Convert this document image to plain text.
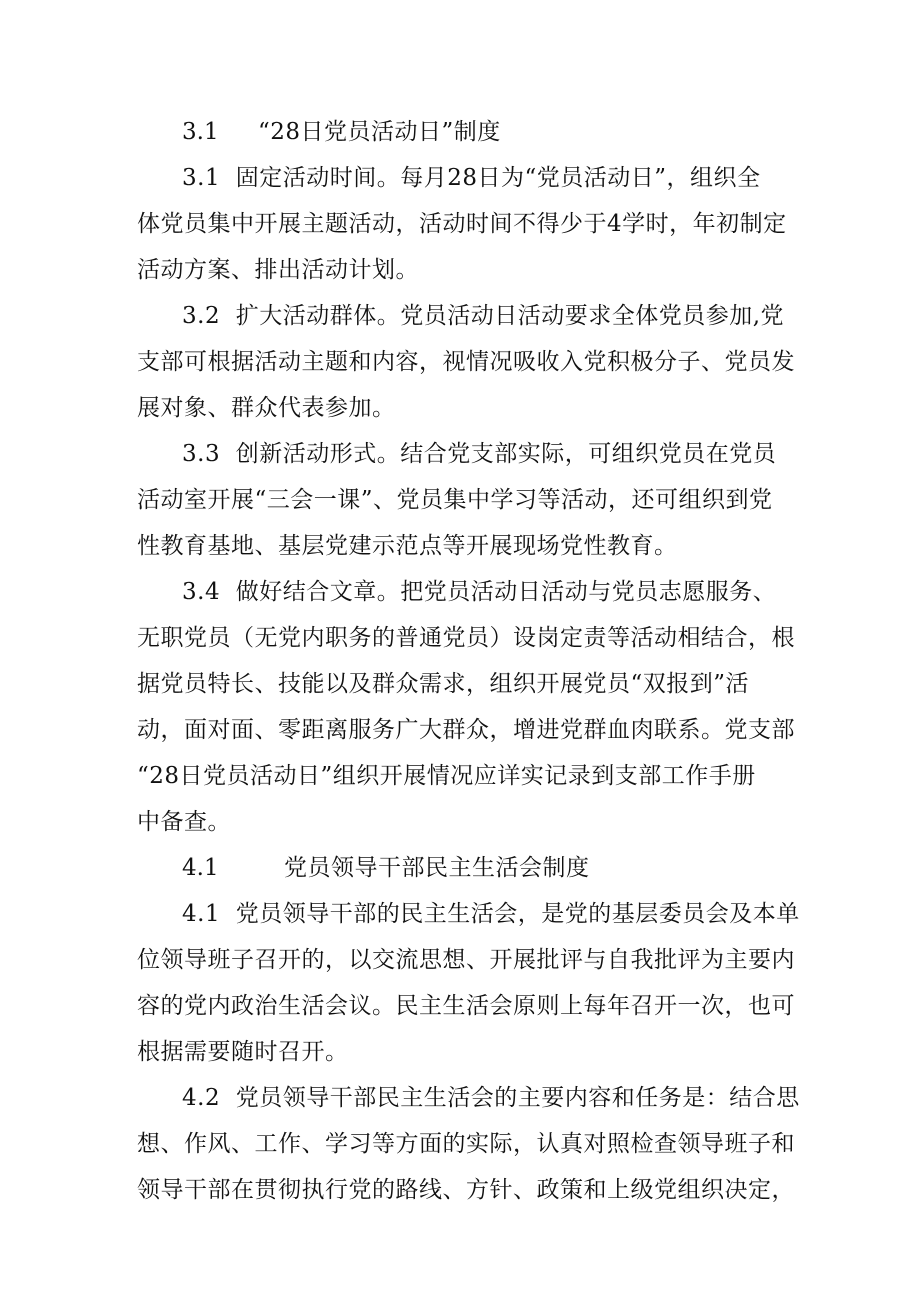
3.1 “28日党员活动日”制度
3.1  固定活动时间。每月28日为“党员活动日”，组织全
体党员集中开展主题活动，活动时间不得少于4学时，年初制定
活动方案、排出活动计划。
3.2  扩大活动群体。党员活动日活动要求全体党员参加,党
支部可根据活动主题和内容，视情况吸收入党积极分子、党员发
展对象、群众代表参加。
3.3  创新活动形式。结合党支部实际，可组织党员在党员
活动室开展“三会一课”、党员集中学习等活动，还可组织到党
性教育基地、基层党建示范点等开展现场党性教育。
3.4  做好结合文章。把党员活动日活动与党员志愿服务、
无职党员（无党内职务的普通党员）设岗定责等活动相结合，根
据党员特长、技能以及群众需求，组织开展党员“双报到”活
动，面对面、零距离服务广大群众，增进党群血肉联系。党支部
“28日党员活动日”组织开展情况应详实记录到支部工作手册
中备查。
4.1	党员领导干部民主生活会制度
4.1  党员领导干部的民主生活会，是党的基层委员会及本单
位领导班子召开的，以交流思想、开展批评与自我批评为主要内
容的党内政治生活会议。民主生活会原则上每年召开一次，也可
根据需要随时召开。
4.2  党员领导干部民主生活会的主要内容和任务是：结合思
想、作风、工作、学习等方面的实际，认真对照检查领导班子和
领导干部在贯彻执行党的路线、方针、政策和上级党组织决定，
